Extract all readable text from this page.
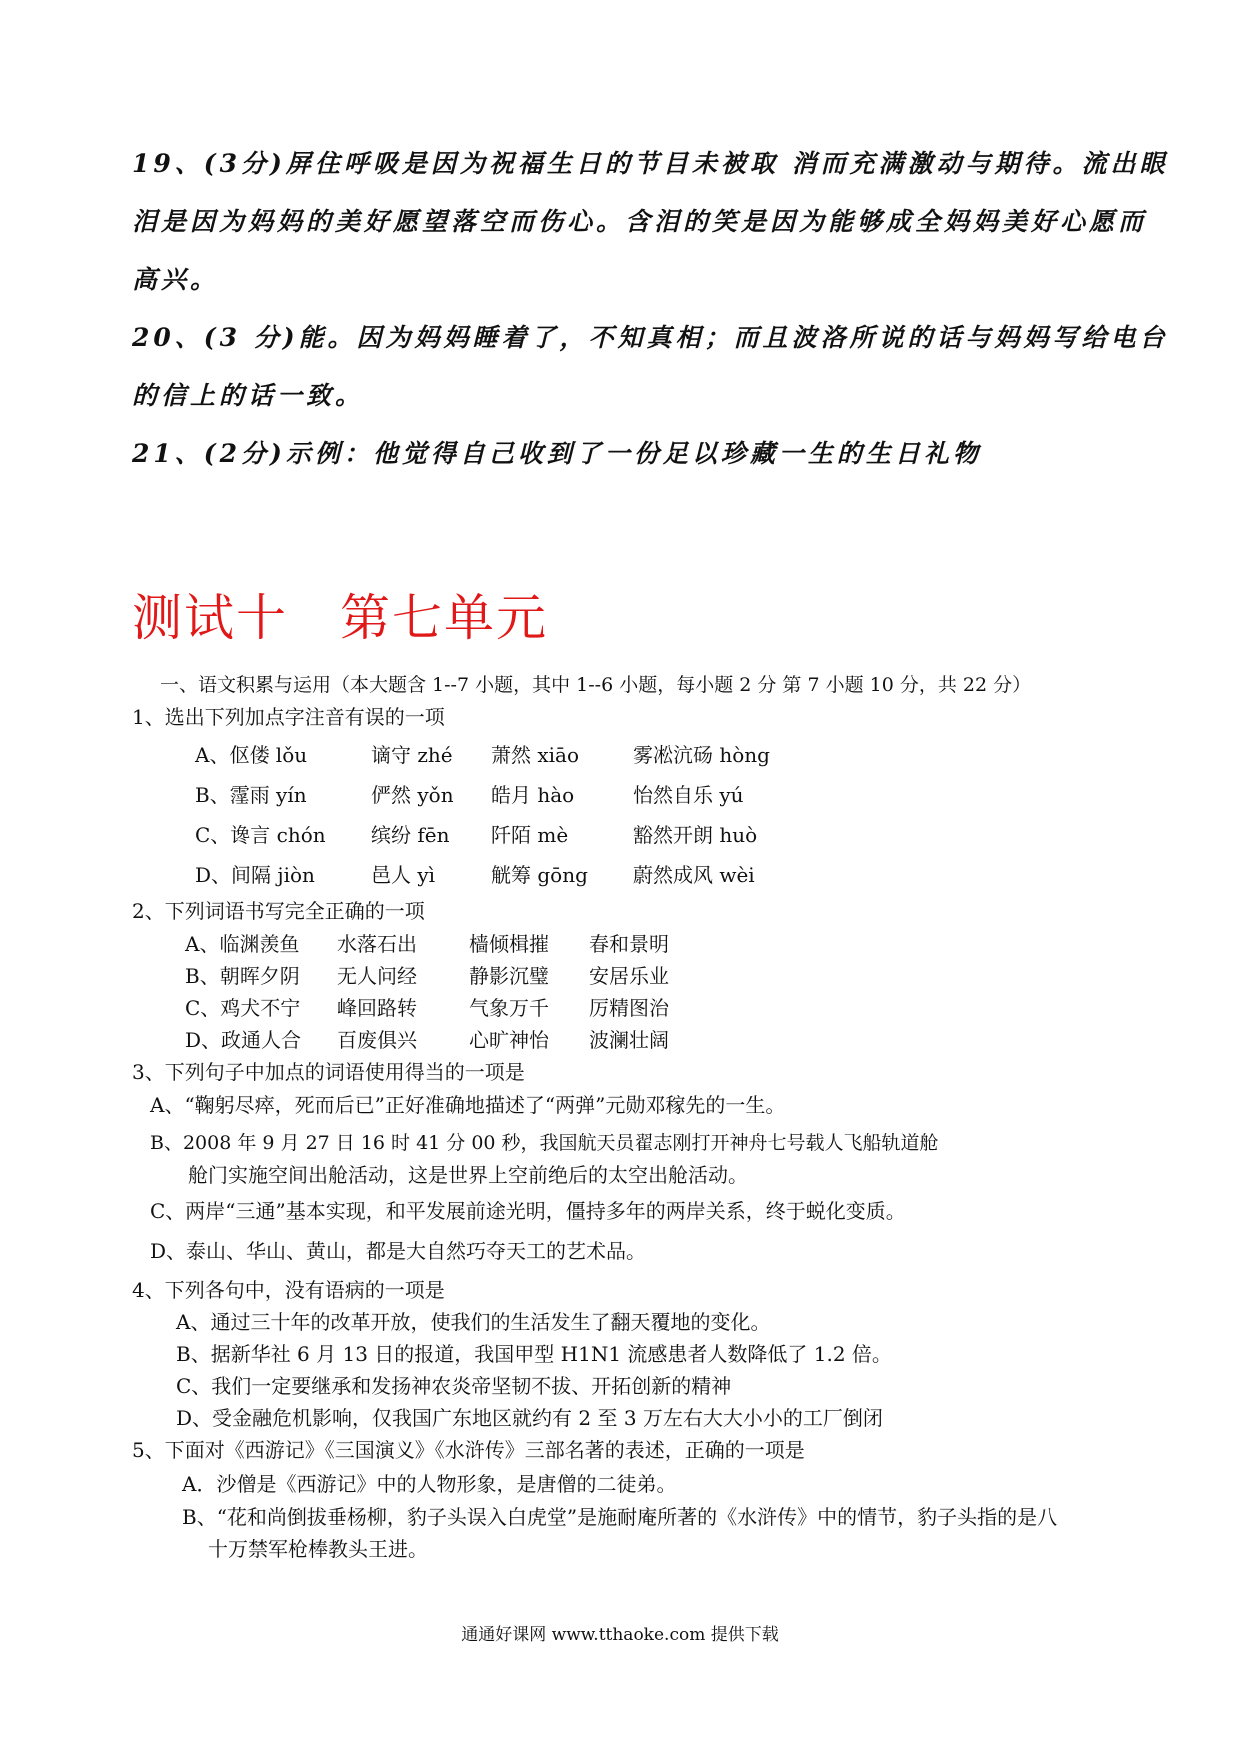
19、(3分)屏住呼吸是因为祝福生日的节目未被取 消而充满激动与期待。流出眼
泪是因为妈妈的美好愿望落空而伤心。含泪的笑是因为能够成全妈妈美好心愿而
高兴。
20、(3 分)能。因为妈妈睡着了，不知真相；而且波洛所说的话与妈妈写给电台
的信上的话一致。
21、(2分)示例：他觉得自己收到了一份足以珍藏一生的生日礼物
测试十 第七单元
一、语文积累与运用（本大题含 1--7 小题，其中 1--6 小题，每小题 2 分 第 7 小题 10 分，共 22 分）
1、选出下列加点字注音有误的一项
A、伛偻 lǒu	谪守 zhé 萧然 xiāo	雾凇沆砀 hòng
B、霪雨 yín	俨然 yǒn 皓月 hào	怡然自乐 yú
C、谗言 chón 缤纷 fēn 阡陌 mè	豁然开朗 huò
D、间隔 jiòn	邑人 yì	觥筹 gōng 蔚然成风 wèi
2、下列词语书写完全正确的一项
A、临渊羡鱼 水落石出	樯倾楫摧 春和景明
B、朝晖夕阴 无人问经	静影沉璧 安居乐业
C、鸡犬不宁 峰回路转	气象万千 厉精图治
D、政通人合 百废俱兴	心旷神怡 波澜壮阔
3、下列句子中加点的词语使用得当的一项是
A、“鞠躬尽瘁，死而后已”正好准确地描述了“两弹”元勋邓稼先的一生。
B、2008 年 9 月 27 日 16 时 41 分 00 秒，我国航天员翟志刚打开神舟七号载人飞船轨道舱
舱门实施空间出舱活动，这是世界上空前绝后的太空出舱活动。
C、两岸“三通”基本实现，和平发展前途光明，僵持多年的两岸关系，终于蜕化变质。
D、泰山、华山、黄山，都是大自然巧夺天工的艺术品。
4、下列各句中，没有语病的一项是
A、通过三十年的改革开放，使我们的生活发生了翻天覆地的变化。
B、据新华社 6 月 13 日的报道，我国甲型 H1N1 流感患者人数降低了 1.2 倍。
C、我们一定要继承和发扬神农炎帝坚韧不拔、开拓创新的精神
D、受金融危机影响，仅我国广东地区就约有 2 至 3 万左右大大小小的工厂倒闭
5、下面对《西游记》《三国演义》《水浒传》三部名著的表述，正确的一项是
A．沙僧是《西游记》中的人物形象，是唐僧的二徒弟。
B、“花和尚倒拔垂杨柳，豹子头误入白虎堂”是施耐庵所著的《水浒传》中的情节，豹子头指的是八
十万禁军枪棒教头王进。
通通好课网 www.tthaoke.com 提供下载
